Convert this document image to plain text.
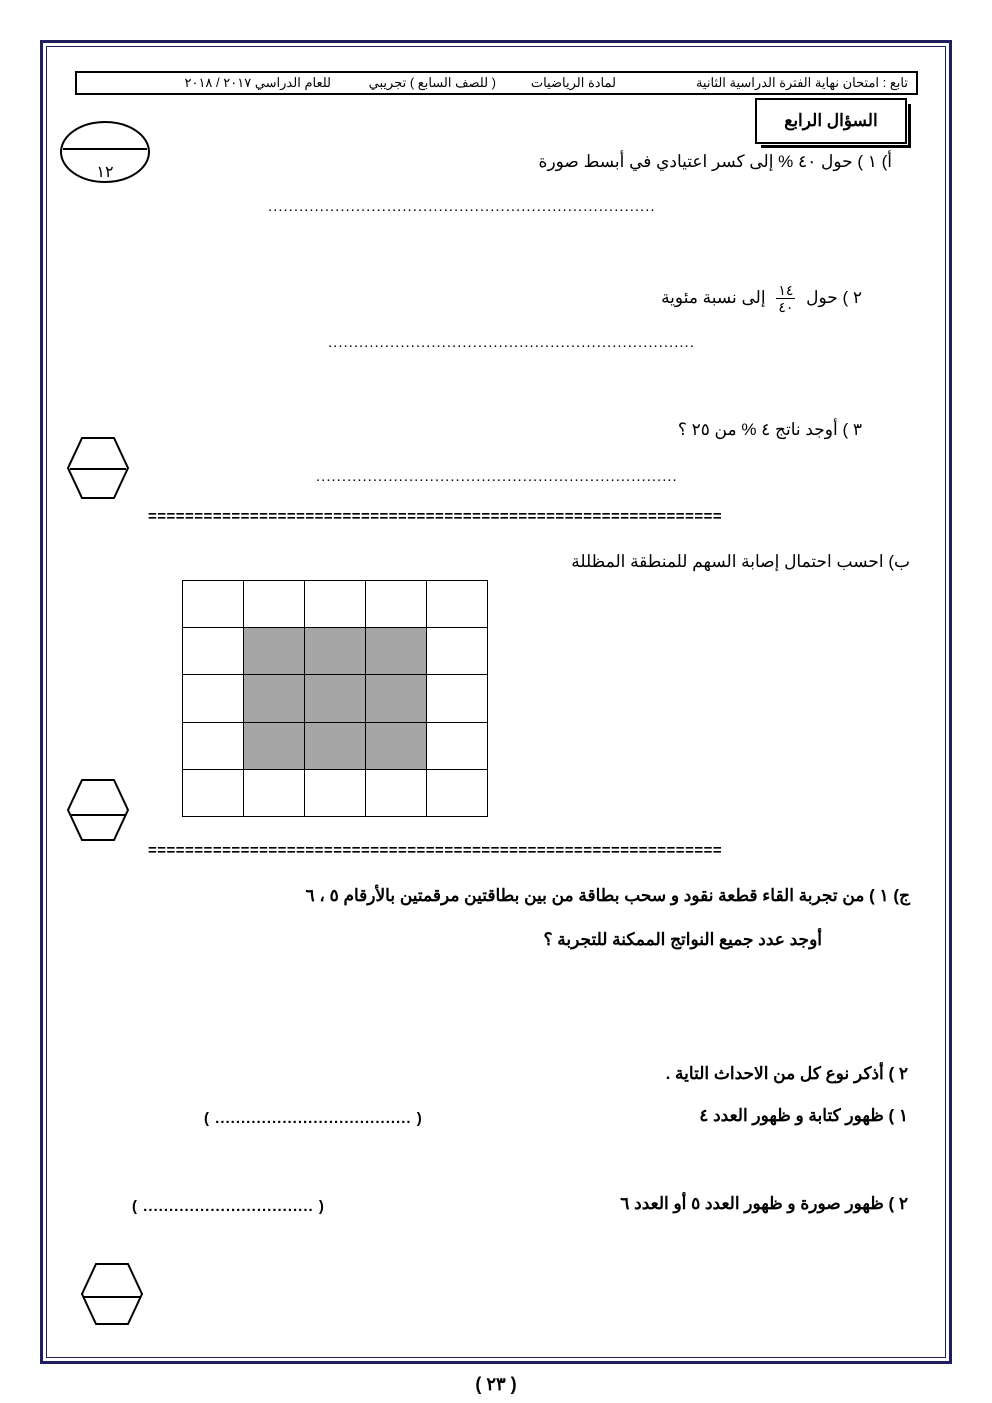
تابع : امتحان نهاية الفترة الدراسية الثانية
لمادة الرياضيات
( للصف السابع ) تجريبي
للعام الدراسي ٢٠١٧ / ٢٠١٨
السؤال الرابع
١٢
أ) ١ ) حول ٤٠ % إلى كسر اعتيادي في أبسط صورة
...........................................................................
٢ ) حول
$\frac{١٤}{٤٠}$
إلى نسبة مئوية
.......................................................................
٣ ) أوجد ناتج ٤ % من ٢٥ ؟
......................................................................
==============================================================
ب) احسب احتمال إصابة السهم للمنطقة المظللة

==============================================================
ج) ١ ) من تجربة القاء قطعة نقود و سحب بطاقة من بين بطاقتين مرقمتين بالأرقام ٥ ، ٦
أوجد عدد جميع النواتج الممكنة للتجربة ؟
٢ ) أذكر نوع كل من الاحداث التاية .
١ ) ظهور كتابة و ظهور العدد ٤
( ...................................... )
٢ ) ظهور صورة و ظهور العدد ٥ أو العدد ٦
( ................................. )
( ٢٣ )
